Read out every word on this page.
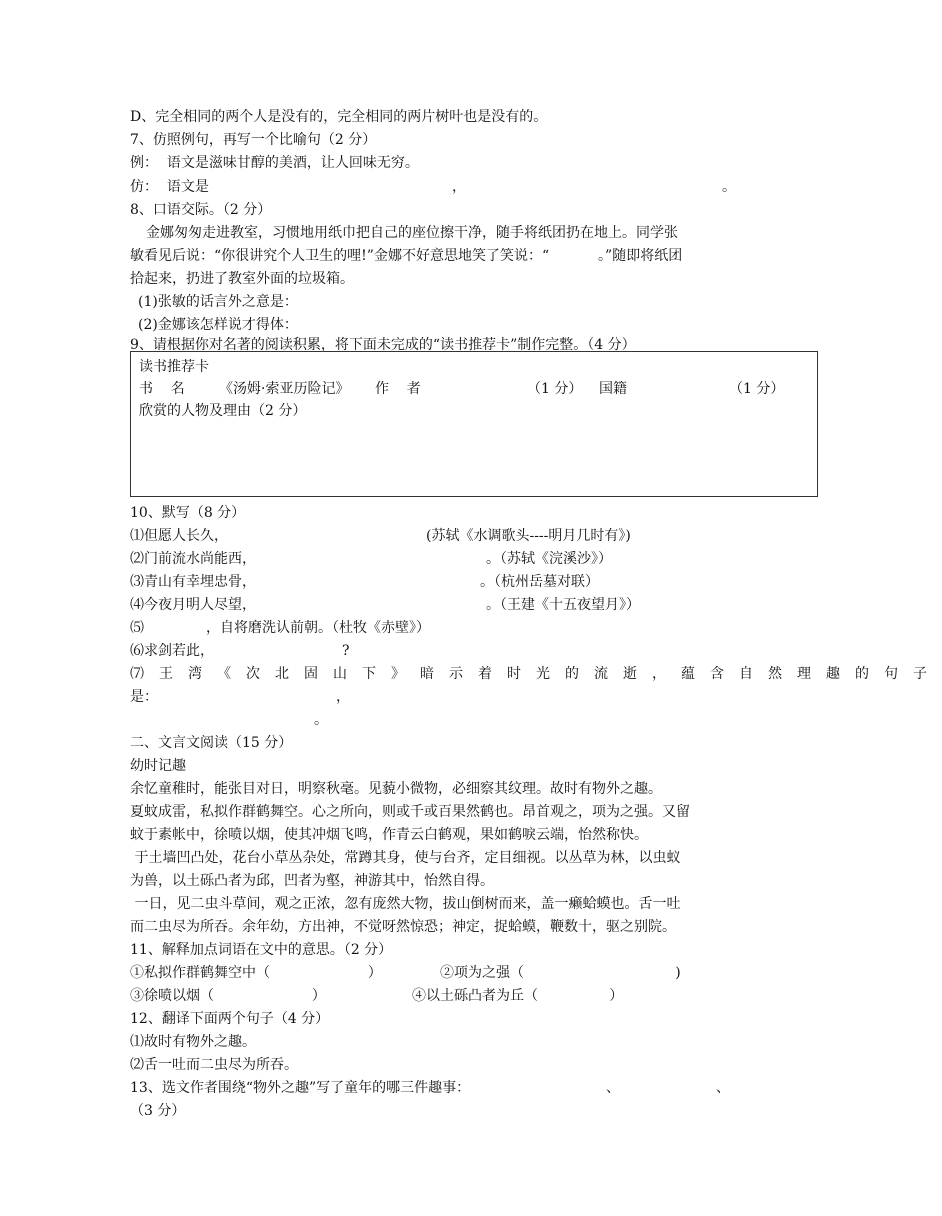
D、完全相同的两个人是没有的，完全相同的两片树叶也是没有的。
7、仿照例句，再写一个比喻句（2 分）
例：  语文是滋味甘醇的美酒，让人回味无穷。
仿：  语文是	，	。
8、口语交际。（2 分）
金娜匆匆走进教室，习惯地用纸巾把自己的座位擦干净，随手将纸团扔在地上。同学张
敏看见后说：“你很讲究个人卫生的哩!”金娜不好意思地笑了笑说：“           。”随即将纸团
拾起来，扔进了教室外面的垃圾箱。
(1)张敏的话言外之意是：
(2)金娜该怎样说才得体：
9、请根据你对名著的阅读积累，将下面未完成的“读书推荐卡”制作完整。（4 分）
读书推荐卡
书    名 《汤姆·索亚历险记》 作    者	（1 分） 国籍	（1 分）
欣赏的人物及理由（2 分）
10、默写（8 分）
⑴但愿人长久，	(苏轼《水调歌头----明月几时有》)
⑵门前流水尚能西，	。（苏轼《浣溪沙》）
⑶青山有幸埋忠骨，	。（杭州岳墓对联）
⑷今夜月明人尽望，	。（王建《十五夜望月》）
⑸	，自将磨洗认前朝。（杜牧《赤壁》）
⑹求剑若此，	?
⑺王湾《次北固山下》暗示着时光的流逝，蕴含自然理趣的句子
是：	，
。
二、文言文阅读（15 分）
幼时记趣
余忆童稚时，能张目对日，明察秋毫。见藐小微物，必细察其纹理。故时有物外之趣。
夏蚊成雷，私拟作群鹤舞空。心之所向，则或千或百果然鹤也。昂首观之，项为之强。又留
蚊于素帐中，徐喷以烟，使其冲烟飞鸣，作青云白鹤观，果如鹤唳云端，怡然称快。
于土墙凹凸处，花台小草丛杂处，常蹲其身，使与台齐，定目细视。以丛草为林，以虫蚁
为兽，以土砾凸者为邱，凹者为壑，神游其中，怡然自得。
一日，见二虫斗草间，观之正浓，忽有庞然大物，拔山倒树而来，盖一癞蛤蟆也。舌一吐
而二虫尽为所吞。余年幼，方出神，不觉呀然惊恐；神定，捉蛤蟆，鞭数十，驱之别院。
11、解释加点词语在文中的意思。（2 分）
①私拟作群鹤舞空中（                      ）	②项为之强（                                  )
③徐喷以烟（                      ）	④以土砾凸者为丘（                ）
12、翻译下面两个句子（4 分）
⑴故时有物外之趣。
⑵舌一吐而二虫尽为所吞。
13、选文作者围绕“物外之趣”写了童年的哪三件趣事：	、	、
（3 分）
